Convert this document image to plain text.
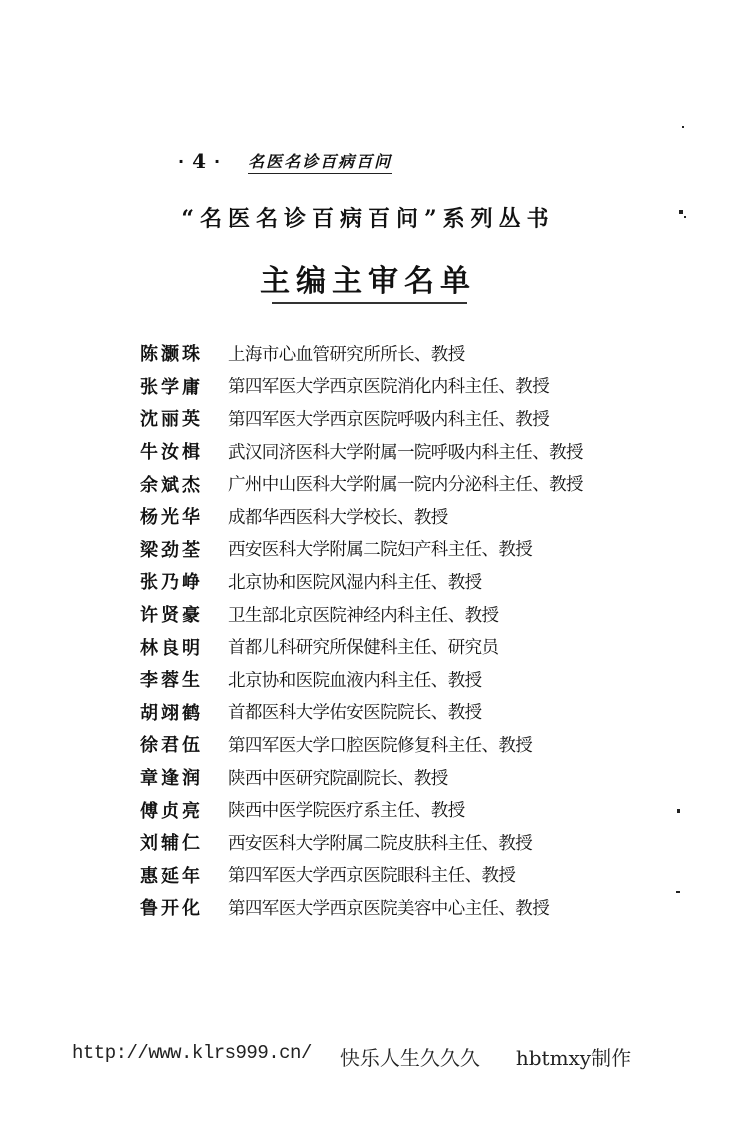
· 4 · 名医名诊百病百问
“名医名诊百病百问”系列丛书
主编主审名单
陈灏珠	上海市心血管研究所所长、教授
张学庸	第四军医大学西京医院消化内科主任、教授
沈丽英	第四军医大学西京医院呼吸内科主任、教授
牛汝楫	武汉同济医科大学附属一院呼吸内科主任、教授
余斌杰	广州中山医科大学附属一院内分泌科主任、教授
杨光华	成都华西医科大学校长、教授
梁劲荃	西安医科大学附属二院妇产科主任、教授
张乃峥	北京协和医院风湿内科主任、教授
许贤豪	卫生部北京医院神经内科主任、教授
林良明	首都儿科研究所保健科主任、研究员
李蓉生	北京协和医院血液内科主任、教授
胡翊鹤	首都医科大学佑安医院院长、教授
徐君伍	第四军医大学口腔医院修复科主任、教授
章逢润	陕西中医研究院副院长、教授
傅贞亮	陕西中医学院医疗系主任、教授
刘辅仁	西安医科大学附属二院皮肤科主任、教授
惠延年	第四军医大学西京医院眼科主任、教授
鲁开化	第四军医大学西京医院美容中心主任、教授
http://www.klrs999.cn/ 快乐人生久久久 hbtmxy制作
